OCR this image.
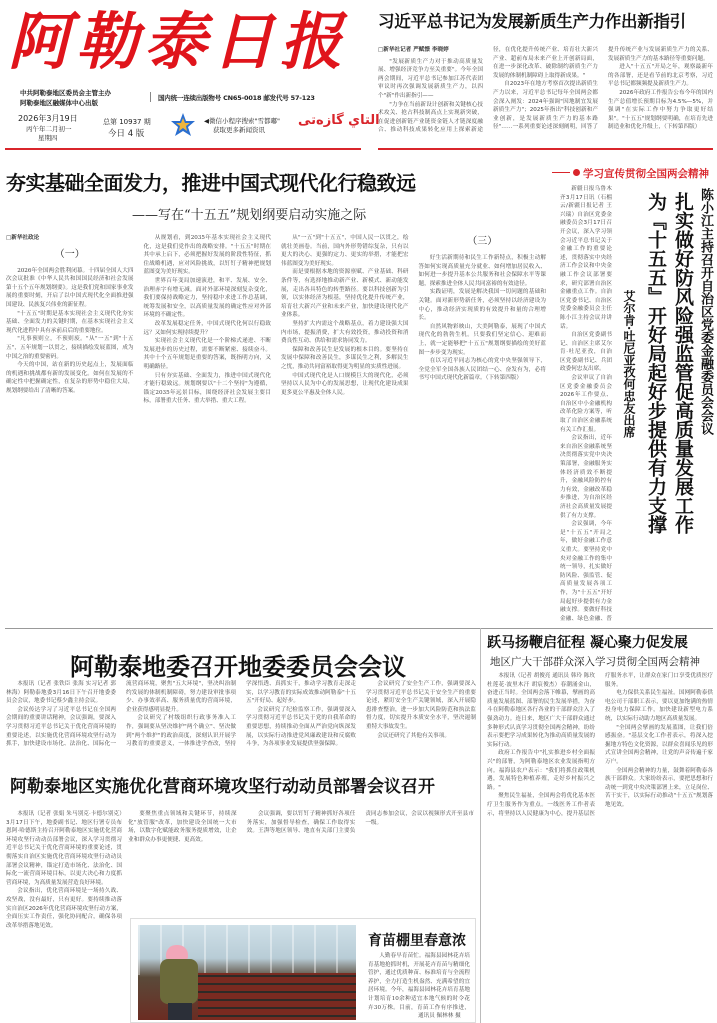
阿勒泰日报
中共阿勒泰地区委员会主管主办
阿勒泰地区融媒体中心出版
国内统一连续出版物号 CN65-0018 邮发代号 57-123
2026年3月19日
丙午年二月初一
星期四
总第 10937 期
今日 4 版
◀微信小程序搜索"雪都嘟"
获取更多新闻资讯
التاي گازەتی
习近平总书记为发展新质生产力作出新指引

□新华社记者 严赋憬 李晓婷

"发展新质生产力对于推动高质量发展、增强经济竞争力至关重要"。今年全国两会期间，习近平总书记参加江苏代表团审议时再次强调发展新质生产力，以四个"新"作出新指引——

"力争在当前新设计创新和关键核心技术攻关、抢占科技制高点上实现新突破，在促进创新链产业链资金链人才链深度融合、推动科技成果转化应用上探索新途径，在优化提升传统产业、培育壮大新兴产业、超前布局未来产业上开创新局面，在进一步深化改革、破除制约新质生产力发展的体制机制障碍上取得新成果。"

自2023年在地方考察首次提出新质生产力以来，习近平总书记每年全国两会都会深入阐发：2024年强调"因地制宜发展新质生产力"；2025年指出"科技创新和产业创新，是发展新质生产力的基本路径"……一系列重要论述深刻阐明，回答了提升传统产业与发展新质生产力的关系、发展新质生产力的基本路径等重要问题。

进入"十五五"开局之年，观察最新年的各部署，还是看节前的北京考察，习近平总书记都频频提及新质生产力。

2026年政府工作报告公布今年的国内生产总值增长预期目标为4.5%—5%，并强调"在实际工作中努力争取更好结果"。"十五五"规划纲要明确，在培育先进制造业和优化升级上，（下转第四版）

夯实基础全面发力，推进中国式现代化行稳致远
——写在“十五五”规划纲要启动实施之际

□新华社政论

（一）

2026年全国两会胜利闭幕。十四届全国人大四次会议批准《中华人民共和国国民经济和社会发展第十五个五年规划纲要》。这是我们党和国家事业发展的重要时刻，开启了以中国式现代化全面推进强国建设、民族复兴伟业的新征程。

"十五五"时期是基本实现社会主义现代化夯实基础、全面发力的关键时期，在基本实现社会主义现代化进程中具有承前启后的重要地位。

"凡事预则立，不预则废。"从"一五"到"十五五"，五年规划一以贯之，接续描绘发展蓝图，成为中国之治的重要密码。

今天的中国，站在新的历史起点上，发展面临的机遇和挑战都有新的发展变化。如何在发展的不确定性中把握确定性，在复杂的形势中稳住大局，规划纲要给出了清晰的答案。

从规划看，到2035年基本实现社会主义现代化，这是我们党作出的战略安排。"十五五"时期在其中承上启下，必须把握好发展的阶段性特征，抓住战略机遇，应对风险挑战，以钉钉子精神把规划蓝图变为美好现实。

世界百年变局加速演进，和平、发展、安全、治理赤字有增无减。面对外部环境深刻复杂变化，我们要保持战略定力，坚持稳中求进工作总基调，统筹发展和安全，以高质量发展的确定性应对外部环境的不确定性。

改革发展稳定任务，中国式现代化何以行稳致远？又如何实现持续提升？

实现社会主义现代化是一个阶梯式递进、不断发展进步的历史过程，需要不断紧密、接续奋斗。其中十个五年规划是重要的答案，既指明方向，又明确路径。

只有夯实基础、全面发力，推进中国式现代化才能行稳致远。规划纲要以"十二个坚持"为遵循，锚定2035年远景目标，围绕经济社会发展主要目标，部署重大任务、重大举措、重大工程。

从"一五"到"十五五"，中国人民一以贯之，绘就壮美画卷。当前，国内外形势错综复杂，只有以更大的决心、更强的定力、更实的举措，才能把宏伟蓝图变为美好现实。

而是要根据本地的资源禀赋、产业基础、科研条件等，有选择地推动新产业、新模式、新动能发展，走出各具特色的转型路径。要以科技创新为引领，以实体经济为根基，坚持优化提升传统产业，培育壮大新兴产业和未来产业，加快建设现代化产业体系。

坚持扩大内需这个战略基点，着力建设强大国内市场，提振消费，扩大有效投资，推动投资和消费良性互动、供给和需求协同发力。

保障和改善民生是发展的根本目的。要坚持在发展中保障和改善民生，多谋民生之利，多解民生之忧，推动共同富裕取得更为明显的实质性进展。

中国式现代化是人口规模巨大的现代化，必须坚持以人民为中心的发展思想，让现代化建设成果更多更公平惠及全体人民。

（三）

好生活新期待和民生工作新特点，积极主动解答如何实现高质量充分就业、如何增加居民收入、如何进一步提升基本公共服务和社会保障水平等课题，探索推进全体人民共同富裕的有效途径。

实践证明，发展是解决我国一切问题的基础和关键。面对新形势新任务，必须坚持以经济建设为中心，推动经济实现质的有效提升和量的合理增长。

自然风物彩映山，大美阿勒泰，展现了中国式现代化的勃勃生机。只要我们坚定信心、迎难而上，就一定能够把"十五五"规划纲要描绘的美好蓝图一步步变为现实。

在以习近平同志为核心的党中央坚强领导下，全党全军全国各族人民团结一心、奋发有为，必将书写中国式现代化新篇章。（下转第四版）

学习宣传贯彻全国两会精神

新疆日报乌鲁木齐3月17日讯（石榴云/新疆日报记者 王兴瑞）自治区党委金融委员会3月17日召开会议，深入学习领会习近平总书记关于金融工作的重要论述，贯彻落实中央经济工作会议和中央金融工作会议部署要求，研究部署自治区金融重点工作。自治区党委书记、自治区党委金融委员会主任陈小江主持会议并讲话。

自治区党委副书记、自治区主席艾尔肯·吐尼亚孜，自治区党委副书记、兵团政委何忠友出席。

会议审议了自治区党委金融委员会2026年工作要点、自治区中小金融机构改革化险方案等，听取了自治区金融系统有关工作汇报。

会议指出，近年来自治区金融系统坚决贯彻落实党中央决策部署，金融服务实体经济质效不断提升，金融风险防控有力有效，金融改革稳步推进，为自治区经济社会高质量发展提供了有力支撑。

会议强调，今年是"十五五"开局之年，做好金融工作意义重大。要坚持党中央对金融工作的集中统一领导，扎实做好防风险、强监管、促高质量发展各项工作，为"十五五"开好局起好步提供有力金融支撑。要做好科技金融、绿色金融、普

陈小江主持召开自治区党委金融委员会会议
扎实做好防风险强监管促高质量发展工作
为『十五五』开好局起好步提供有力支撑
艾尔肯·吐尼亚孜何忠友出席
阿勒泰地委召开地委委员会会议

本报讯（记者 张铁臣 张海 实习记者 郭林海）阿勒泰地委3月16日下午召开地委委员会会议，地委书记蔡少鑫主持会议。

会议传达学习了习近平总书记在全国两会期间的重要讲话精神，会议强调，要深入学习贯彻习近平总书记关于优化营商环境的重要论述，以实施优化营商环境攻坚行动为抓手，加快建设市场化、法治化、国际化一流营商环境，聚焦"五大环境"，坚决纠治制约发展的体制机制障碍，努力建设审批事项少、办事效率高、服务质量优的营商环境，企业获得感明显提升。

会议研究了村级组织行政事务准入工作，强调要从坚决维护"两个确立"、坚决做到"两个维护"的政治高度，深刻认识开展学习教育的重要意义，一体推进学查改，坚持学深悟透、真抓实干，推动学习教育走深走实，以学习教育的实际成效推动阿勒泰"十五五"开好局、起好步。

会议研究了纪检监察工作，强调要深入学习贯彻习近平总书记关于党的自我革命的重要思想，持续推动全面从严治党向纵深发展，以实际行动推进党风廉政建设和反腐败斗争，为各项事业发展提供坚强保障。

会议研究了安全生产工作，强调要深入学习贯彻习近平总书记关于安全生产的重要论述，紧盯安全生产关键领域，深入开展隐患排查整治，进一步加大风险防范和执法监督力度，切实提升本质安全水平，坚决遏制重特大事故发生。

会议还研究了其他有关事项。

跃马扬鞭启征程 凝心聚力促发展
地区广大干部群众深入学习贯彻全国两会精神

本报讯（记者 胡俊亮 通讯员 韩玲 陈玫 杜莲花·波里木汗 胡宸俊杰）春潮涌金山，奋进正当时。全国两会落下帷幕，擘画的高质量发展蓝图、部署的民生发展举措，为奋斗在阿勒泰地区各行各业的干部群众注入了强劲动力。连日来，地区广大干部群众通过多种形式认真学习贯彻全国两会精神，纷纷表示要把学习成果转化为推动高质量发展的实际行动。

政府工作报告中"扎实推进乡村全面振兴"的部署，为阿勒泰地区农业发展指明方向。福海县农户表示："我们将抓住政策机遇，发展特色种植养殖，走好乡村振兴之路。"

聚焦民生福祉，全国两会将优化基本医疗卫生服务作为重点。一线医务工作者表示，将坚持以人民健康为中心，提升基层医疗服务水平，让群众在家门口享受优质医疗服务。

电力保供关系民生福祉。国网阿勒泰供电公司干部职工表示，要以更加饱满的热情投身电力保障工作，加快建设新型电力系统，以实际行动助力地区高质量发展。

"全国两会擘画的发展蓝图，让我们倍感振奋。"基层文化工作者表示，将深入挖掘地方特色文化资源，以群众喜闻乐见的形式宣讲全国两会精神，让党的声音传遍千家万户。

全国两会精神的力量，鼓舞着阿勒泰各族干部群众。大家纷纷表示，要把思想和行动统一到党中央决策部署上来，立足岗位、苦干实干，以实际行动推动"十五五"规划落地见效。

阿勒泰地区实施优化营商环境攻坚行动动员部署会议召开

本报讯（记者 张娟 朱马别克·卡德尔别克）3月17日下午，地委副书记、地区行署专员布恩阿·哈德斯主持召开阿勒泰地区实施优化营商环境攻坚行动动员部署会议，深入学习贯彻习近平总书记关于优化营商环境的重要论述，贯彻落实自治区实施优化营商环境攻坚行动动员部署会议精神，锚定打造市场化、法治化、国际化一流营商环境目标，以更大决心和力度抓营商环境，为高质量发展营造良好环境。

会议指出，优化营商环境是一场持久战、攻坚战，没有最好，只有更好。要持续推动落实自治区2026年优化营商环境攻坚行动方案，全面压实工作责任，强化协同配合，确保各项改革举措落地见效。

要聚焦重点领域和关键环节，持续深化"放管服"改革，加快建设全国统一大市场，以数字化赋能政务服务提质增效，让企业和群众办事更便捷、更高效。

会议强调，要以钉钉子精神抓好各项任务落实，加强督导检查，确保工作取得实效。王湃等地区领导、地直有关部门主要负责同志参加会议，会议以视频形式开至县市一级。

育苗棚里春意浓

人勤春早育苗忙。福海县园林花卉培育基地抢抓时机，开展花卉育苗与精细化管护，通过优质种苗、标准培育与全流程养护，全力打造生机盎然、充满希望的宜居环境。今年，福海县园林花卉培育基地计划培育10余种适宜本地气候的时令花卉30万株。目前，育苗工作有序推进，

通讯员 佩林林 摄
